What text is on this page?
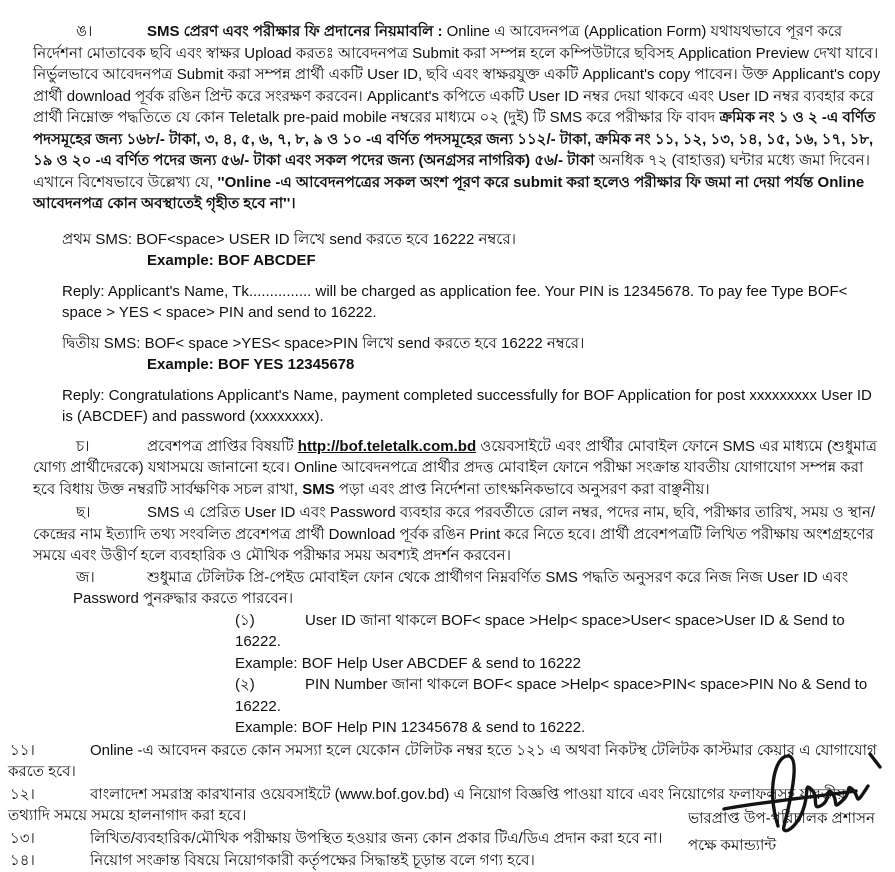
ঙ।	SMS প্রেরণ এবং পরীক্ষার ফি প্রদানের নিয়মাবলি : Online এ আবেদনপত্র (Application Form) যথাযথভাবে পূরণ করে নির্দেশনা মোতাবেক ছবি এবং স্বাক্ষর Upload করতঃ আবেদনপত্র Submit করা সম্পন্ন হলে কম্পিউটারে ছবিসহ Application Preview দেখা যাবে। নির্ভুলভাবে আবেদনপত্র Submit করা সম্পন্ন প্রার্থী একটি User ID, ছবি এবং স্বাক্ষরযুক্ত একটি Applicant's copy পাবেন। উক্ত Applicant's copy প্রার্থী download পূর্বক রঙিন প্রিন্ট করে সংরক্ষণ করবেন। Applicant's কপিতে একটি User ID নম্বর দেয়া থাকবে এবং User ID নম্বর ব্যবহার করে প্রার্থী নিম্নোক্ত পদ্ধতিতে যে কোন Teletalk pre-paid mobile নম্বরের মাধ্যমে ০২ (দুই) টি SMS করে পরীক্ষার ফি বাবদ ক্রমিক নং ১ ও ২ -এ বর্ণিত পদসমূহের জন্য ১৬৮/- টাকা, ৩, ৪, ৫, ৬, ৭, ৮, ৯ ও ১০ -এ বর্ণিত পদসমূহের জন্য ১১২/- টাকা, ক্রমিক নং ১১, ১২, ১৩, ১৪, ১৫, ১৬, ১৭, ১৮, ১৯ ও ২০ -এ বর্ণিত পদের জন্য ৫৬/- টাকা এবং সকল পদের জন্য (অনগ্রসর নাগরিক) ৫৬/- টাকা অনধিক ৭২ (বাহাত্তর) ঘন্টার মধ্যে জমা দিবেন। এখানে বিশেষভাবে উল্লেখ্য যে, ''Online -এ আবেদনপত্রের সকল অংশ পূরণ করে submit করা হলেও পরীক্ষার ফি জমা না দেয়া পর্যন্ত Online আবেদনপত্র কোন অবস্থাতেই গৃহীত হবে না''।

প্রথম SMS: BOF<space> USER ID লিখে send করতে হবে 16222 নম্বরে।

Example: BOF ABCDEF

Reply: Applicant's Name, Tk............... will be charged as application fee. Your PIN is 12345678. To pay fee Type BOF< space > YES < space> PIN and send to 16222.

দ্বিতীয় SMS: BOF< space >YES< space>PIN লিখে send করতে হবে 16222 নম্বরে।

Example: BOF YES 12345678

Reply: Congratulations Applicant's Name, payment completed successfully for BOF Application for post xxxxxxxxx User ID is (ABCDEF) and password (xxxxxxxx).

চ।	প্রবেশপত্র প্রাপ্তির বিষয়টি http://bof.teletalk.com.bd ওয়েবসাইটে এবং প্রার্থীর মোবাইল ফোনে SMS এর মাধ্যমে (শুধুমাত্র যোগ্য প্রার্থীদেরকে) যথাসময়ে জানানো হবে। Online আবেদনপত্রে প্রার্থীর প্রদত্ত মোবাইল ফোনে পরীক্ষা সংক্রান্ত যাবতীয় যোগাযোগ সম্পন্ন করা হবে বিধায় উক্ত নম্বরটি সার্বক্ষণিক সচল রাখা, SMS পড়া এবং প্রাপ্ত নির্দেশনা তাৎক্ষনিকভাবে অনুসরণ করা বাঞ্ছনীয়।

ছ।	SMS এ প্রেরিত User ID এবং Password ব্যবহার করে পরবর্তীতে রোল নম্বর, পদের নাম, ছবি, পরীক্ষার তারিখ, সময় ও স্থান/কেন্দ্রের নাম ইত্যাদি তথ্য সংবলিত প্রবেশপত্র প্রার্থী Download পূর্বক রঙিন Print করে নিতে হবে। প্রার্থী প্রবেশপত্রটি লিখিত পরীক্ষায় অংশগ্রহণের সময়ে এবং উত্তীর্ণ হলে ব্যবহারিক ও মৌখিক পরীক্ষার সময় অবশ্যই প্রদর্শন করবেন।

জ।	শুধুমাত্র টেলিটক প্রি-পেইড মোবাইল ফোন থেকে প্রার্থীগণ নিম্নবর্ণিত SMS পদ্ধতি অনুসরণ করে নিজ নিজ User ID এবং Password পুনরুদ্ধার করতে পারবেন।

(১)	User ID জানা থাকলে BOF< space >Help< space>User< space>User ID & Send to 16222.

Example: BOF Help User ABCDEF & send to 16222

(২)	PIN Number জানা থাকলে BOF< space >Help< space>PIN< space>PIN No & Send to 16222.

Example: BOF Help PIN 12345678 & send to 16222.

১১।	Online -এ আবেদন করতে কোন সমস্যা হলে যেকোন টেলিটক নম্বর হতে ১২১ এ অথবা নিকটস্থ টেলিটক কাস্টমার কেয়ার এ যোগাযোগ করতে হবে।

১২।	বাংলাদেশ সমরাস্ত্র কারখানার ওয়েবসাইটে (www.bof.gov.bd) এ নিয়োগ বিজ্ঞপ্তি পাওয়া যাবে এবং নিয়োগের ফলাফলসহ যাবতীয় তথ্যাদি সময়ে সময়ে হালনাগাদ করা হবে।

১৩।	লিখিত/ব্যবহারিক/মৌখিক পরীক্ষায় উপস্থিত হওয়ার জন্য কোন প্রকার টিএ/ডিএ প্রদান করা হবে না।

১৪।	নিয়োগ সংক্রান্ত বিষয়ে নিয়োগকারী কর্তৃপক্ষের সিদ্ধান্তই চূড়ান্ত বলে গণ্য হবে।

ভারপ্রাপ্ত উপ-পরিচালক প্রশাসন

পক্ষে কমান্ড্যান্ট
